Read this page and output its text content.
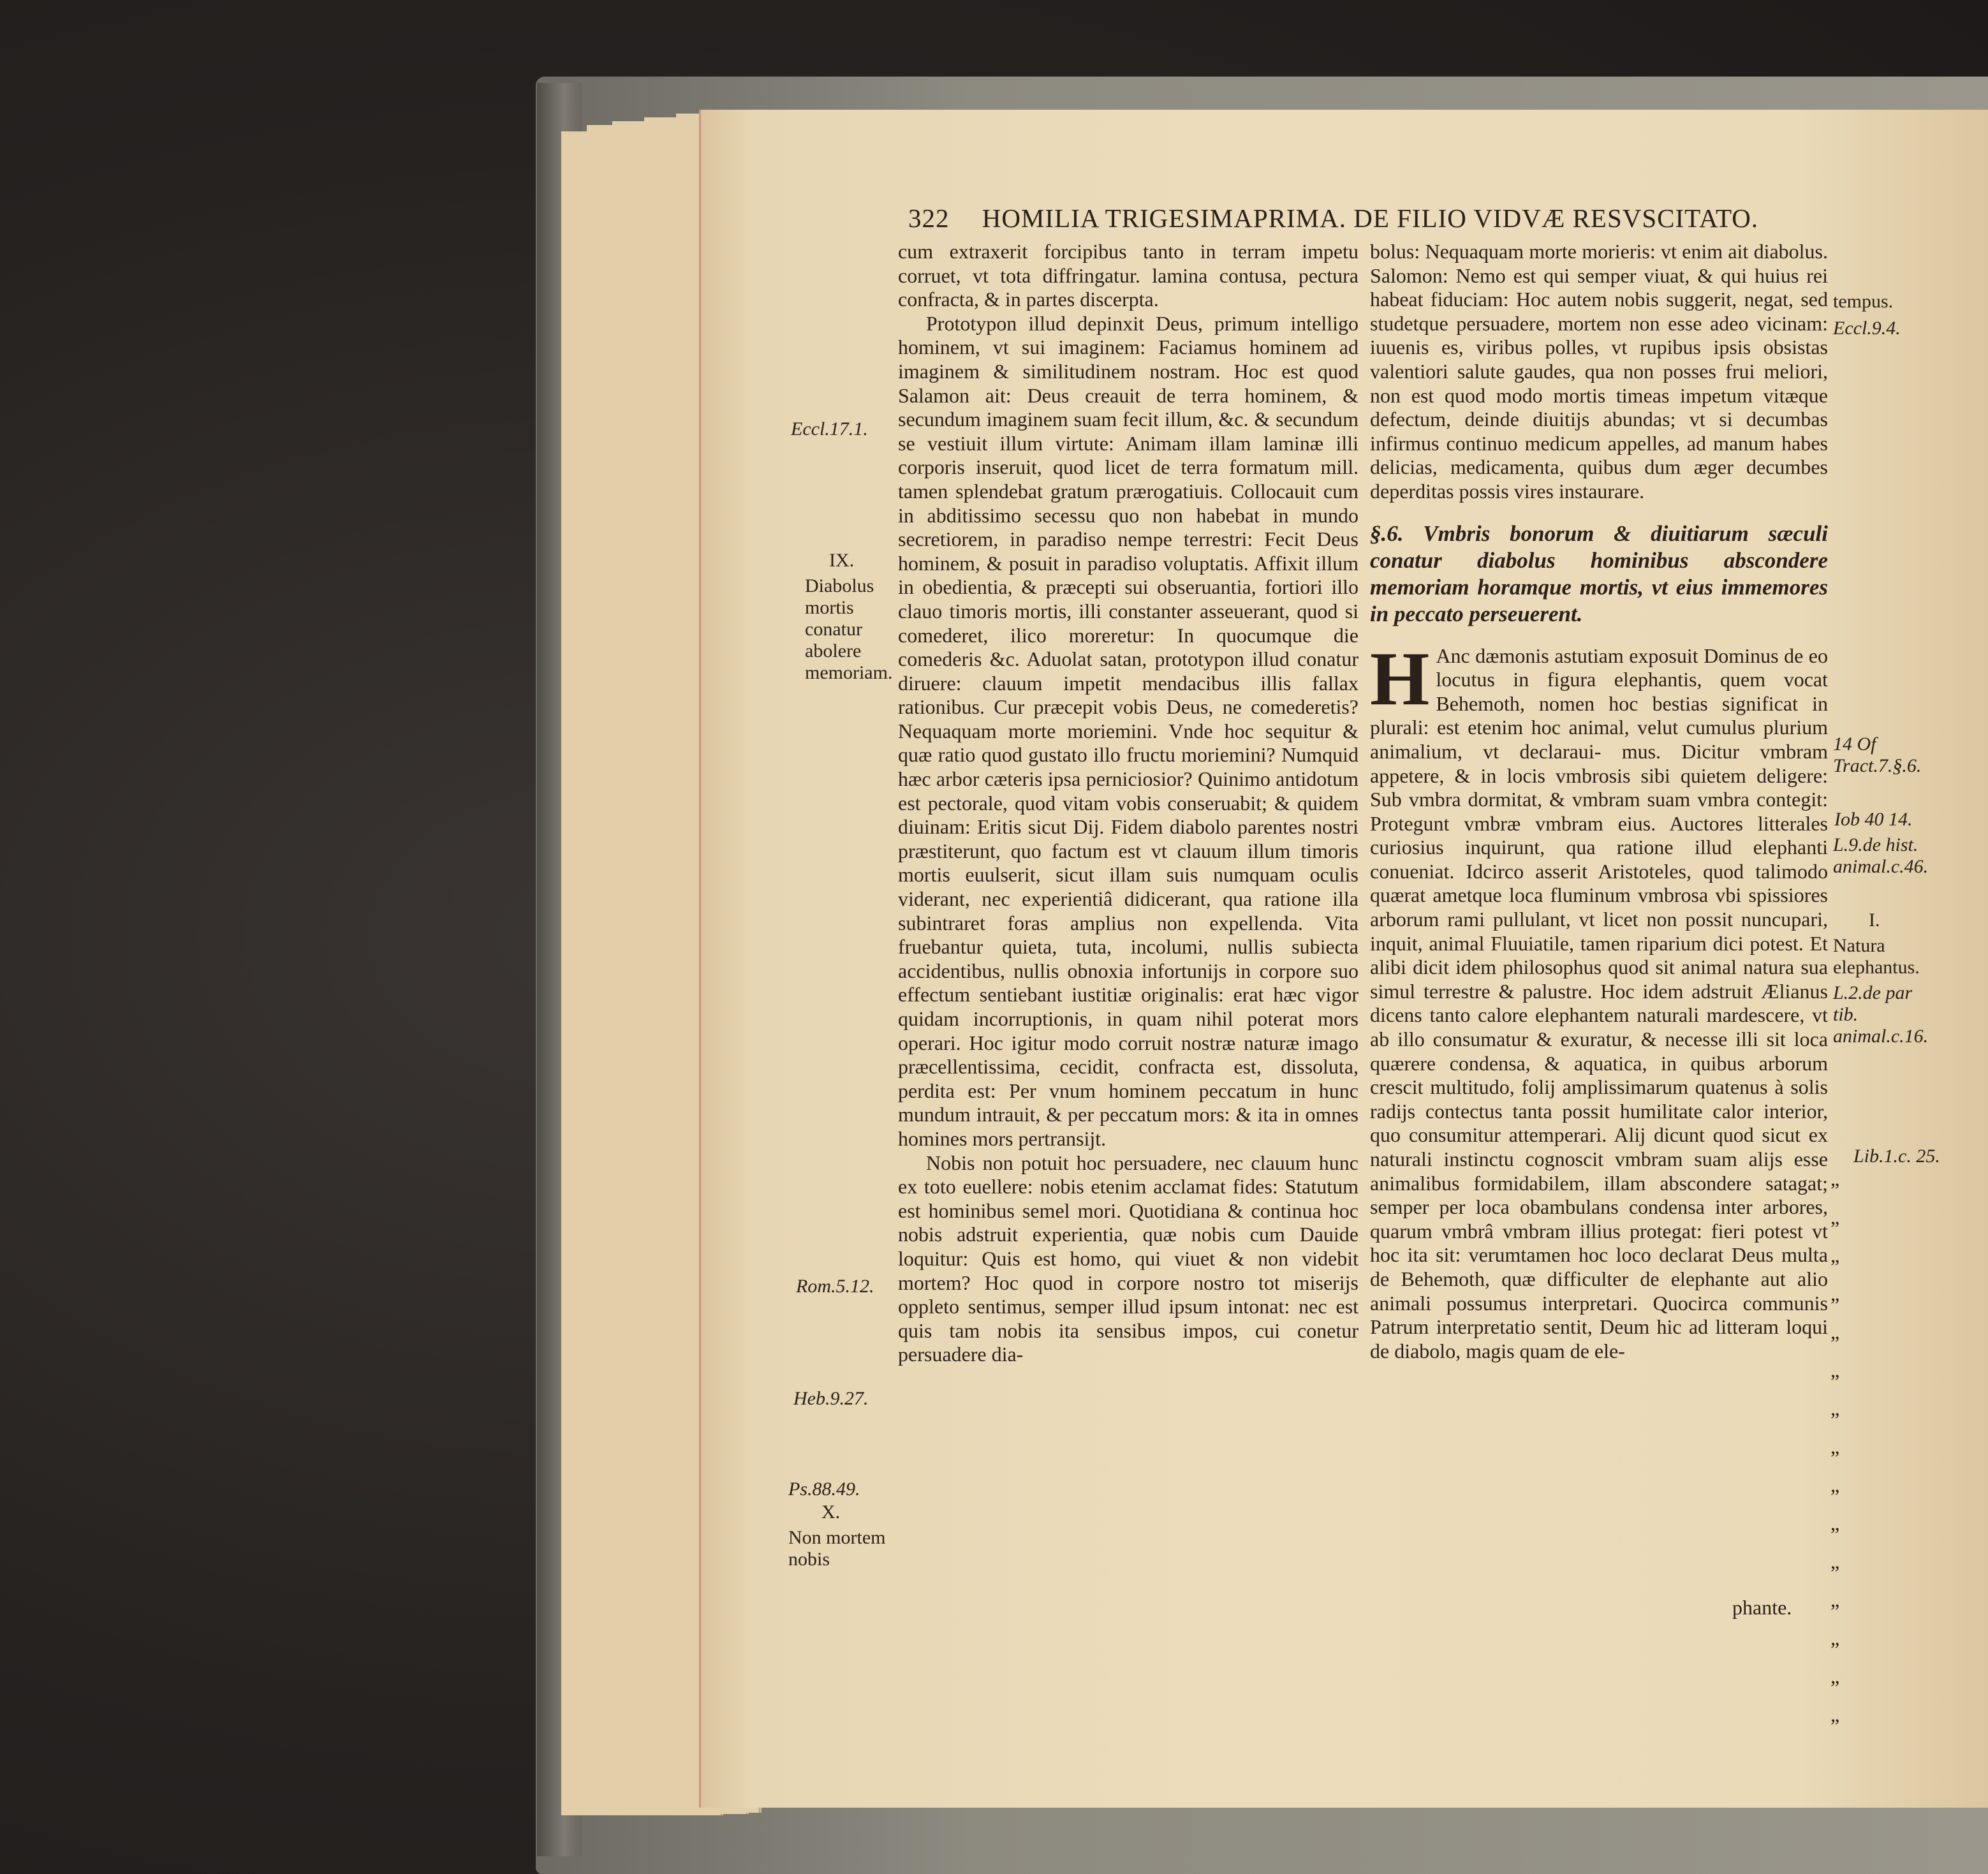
322 HOMILIA TRIGESIMAPRIMA. DE FILIO VIDVÆ RESVSCITATO.

cum extraxerit forcipibus tanto in terram impetu corruet, vt tota diffringatur. lamina contusa, pectura confracta, & in partes discerpta.

Prototypon illud depinxit Deus, primum intelligo hominem, vt sui imaginem: Faciamus hominem ad imaginem & similitudinem nostram. Hoc est quod Salamon ait: Deus creauit de terra hominem, & secundum imaginem suam fecit illum, &c. & secundum se vestiuit illum virtute: Animam illam laminæ illi corporis inseruit, quod licet de terra formatum mill. tamen splendebat gratum prærogatiuis. Collocauit cum in abditissimo secessu quo non habebat in mundo secretiorem, in paradiso nempe terrestri: Fecit Deus hominem, & posuit in paradiso voluptatis. Affixit illum in obedientia, & præcepti sui obseruantia, fortiori illo clauo timoris mortis, illi constanter asseuerant, quod si comederet, ilico moreretur: In quocumque die comederis &c. Aduolat satan, prototypon illud conatur diruere: clauum impetit mendacibus illis fallax rationibus. Cur præcepit vobis Deus, ne comederetis? Nequaquam morte moriemini. Vnde hoc sequitur & quæ ratio quod gustato illo fructu moriemini? Numquid hæc arbor cæteris ipsa perniciosior? Quinimo antidotum est pectorale, quod vitam vobis conseruabit; & quidem diuinam: Eritis sicut Dij. Fidem diabolo parentes nostri præstiterunt, quo factum est vt clauum illum timoris mortis euulserit, sicut illam suis numquam oculis viderant, nec experientiâ didicerant, qua ratione illa subintraret foras amplius non expellenda. Vita fruebantur quieta, tuta, incolumi, nullis subiecta accidentibus, nullis obnoxia infortunijs in corpore suo effectum sentiebant iustitiæ originalis: erat hæc vigor quidam incorruptionis, in quam nihil poterat mors operari. Hoc igitur modo corruit nostræ naturæ imago præcellentissima, cecidit, confracta est, dissoluta, perdita est: Per vnum hominem peccatum in hunc mundum intrauit, & per peccatum mors: & ita in omnes homines mors pertransijt.

Nobis non potuit hoc persuadere, nec clauum hunc ex toto euellere: nobis etenim acclamat fides: Statutum est hominibus semel mori. Quotidiana & continua hoc nobis adstruit experientia, quæ nobis cum Dauide loquitur: Quis est homo, qui viuet & non videbit mortem? Hoc quod in corpore nostro tot miserijs oppleto sentimus, semper illud ipsum intonat: nec est quis tam nobis ita sensibus impos, cui conetur persuadere dia-

bolus: Nequaquam morte morieris: vt enim ait diabolus. Salomon: Nemo est qui semper viuat, & qui huius rei habeat fiduciam: Hoc autem nobis suggerit, negat, sed studetque persuadere, mortem non esse adeo vicinam: iuuenis es, viribus polles, vt rupibus ipsis obsistas valentiori salute gaudes, qua non posses frui meliori, non est quod modo mortis timeas impetum vitæque defectum, deinde diuitijs abundas; vt si decumbas infirmus continuo medicum appelles, ad manum habes delicias, medicamenta, quibus dum æger decumbes deperditas possis vires instaurare.

§.6. Vmbris bonorum & diuitiarum sæculi conatur diabolus hominibus abscondere memoriam horamque mortis, vt eius immemores in peccato perseuerent.

H Anc dæmonis astutiam exposuit Dominus de eo locutus in figura elephantis, quem vocat Behemoth, nomen hoc bestias significat in plurali: est etenim hoc animal, velut cumulus plurium animalium, vt declaraui- mus. Dicitur vmbram appetere, & in locis vmbrosis sibi quietem deligere: Sub vmbra dormitat, & vmbram suam vmbra contegit: Protegunt vmbræ vmbram eius. Auctores litterales curiosius inquirunt, qua ratione illud elephanti conueniat. Idcirco asserit Aristoteles, quod talimodo quærat ametque loca fluminum vmbrosa vbi spissiores arborum rami pullulant, vt licet non possit nuncupari, inquit, animal Fluuiatile, tamen riparium dici potest. Et alibi dicit idem philosophus quod sit animal natura sua simul terrestre & palustre. Hoc idem adstruit Ælianus dicens tanto calore elephantem naturali mardescere, vt ab illo consumatur & exuratur, & necesse illi sit loca quærere condensa, & aquatica, in quibus arborum crescit multitudo, folij amplissimarum quatenus à solis radijs contectus tanta possit humilitate calor interior, quo consumitur attemperari. Alij dicunt quod sicut ex naturali instinctu cognoscit vmbram suam alijs esse animalibus formidabilem, illam abscondere satagat; semper per loca obambulans condensa inter arbores, quarum vmbrâ vmbram illius protegat: fieri potest vt hoc ita sit: verumtamen hoc loco declarat Deus multa de Behemoth, quæ difficulter de elephante aut alio animali possumus interpretari. Quocirca communis Patrum interpretatio sentit, Deum hic ad litteram loqui de diabolo, magis quam de ele-

phante.
Eccl.17.1.
IX.
Diabolus mortis conatur abolere memoriam.
Rom.5.12.
Heb.9.27.
Ps.88.49.
X.
Non mortem nobis
tempus.
Eccl.9.4.
14 Of Tract.7.§.6.
Iob 40 14.
L.9.de hist. animal.c.46.
I.
Natura elephantus.
L.2.de par tib. animal.c.16.
Lib.1.c. 25.
„
„
„
„
„
„
„
„
„
„
„
„
„
„
„
